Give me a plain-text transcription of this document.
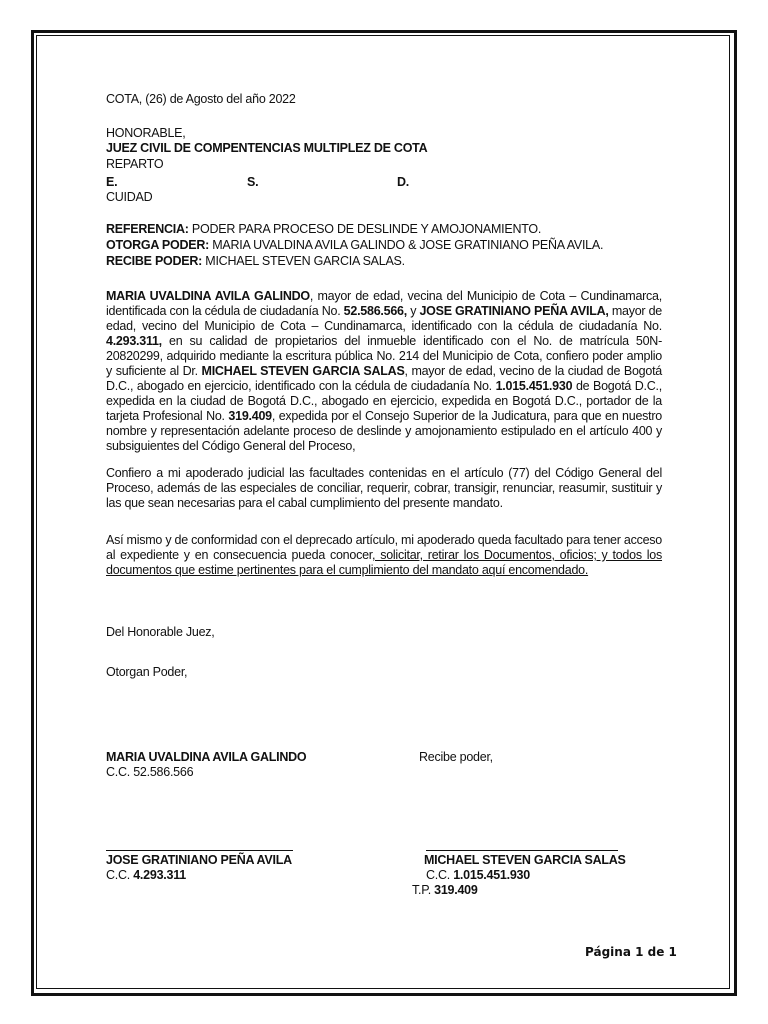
COTA, (26) de Agosto del año 2022
HONORABLE,
JUEZ CIVIL DE COMPENTENCIAS MULTIPLEZ DE COTA
REPARTO
E.	S.	D.
CUIDAD
REFERENCIA: PODER PARA PROCESO DE DESLINDE Y AMOJONAMIENTO.
OTORGA PODER: MARIA UVALDINA AVILA GALINDO & JOSE GRATINIANO PEÑA AVILA.
RECIBE PODER: MICHAEL STEVEN GARCIA SALAS.
MARIA UVALDINA AVILA GALINDO, mayor de edad, vecina del Municipio de Cota – Cundinamarca, identificada con la cédula de ciudadanía No. 52.586.566, y JOSE GRATINIANO PEÑA AVILA, mayor de edad, vecino del Municipio de Cota – Cundinamarca, identificado con la cédula de ciudadanía No. 4.293.311, en su calidad de propietarios del inmueble identificado con el No. de matrícula 50N-20820299, adquirido mediante la escritura pública No. 214 del Municipio de Cota, confiero poder amplio y suficiente al Dr. MICHAEL STEVEN GARCIA SALAS, mayor de edad, vecino de la ciudad de Bogotá D.C., abogado en ejercicio, identificado con la cédula de ciudadanía No. 1.015.451.930 de Bogotá D.C., expedida en la ciudad de Bogotá D.C., abogado en ejercicio, expedida en Bogotá D.C., portador de la tarjeta Profesional No. 319.409, expedida por el Consejo Superior de la Judicatura, para que en nuestro nombre y representación adelante proceso de deslinde y amojonamiento estipulado en el artículo 400 y subsiguientes del Código General del Proceso,
Confiero a mi apoderado judicial las facultades contenidas en el artículo (77) del Código General del Proceso, además de las especiales de conciliar, requerir, cobrar, transigir, renunciar, reasumir, sustituir y las que sean necesarias para el cabal cumplimiento del presente mandato.
Así mismo y de conformidad con el deprecado artículo, mi apoderado queda facultado para tener acceso al expediente y en consecuencia pueda conocer, solicitar, retirar los Documentos, oficios; y todos los documentos que estime pertinentes para el cumplimiento del mandato aquí encomendado.
Del Honorable Juez,
Otorgan Poder,
MARIA UVALDINA AVILA GALINDO
C.C. 52.586.566
Recibe poder,
JOSE GRATINIANO PEÑA AVILA
C.C. 4.293.311
MICHAEL STEVEN GARCIA SALAS
C.C. 1.015.451.930
T.P. 319.409
Página 1 de 1
